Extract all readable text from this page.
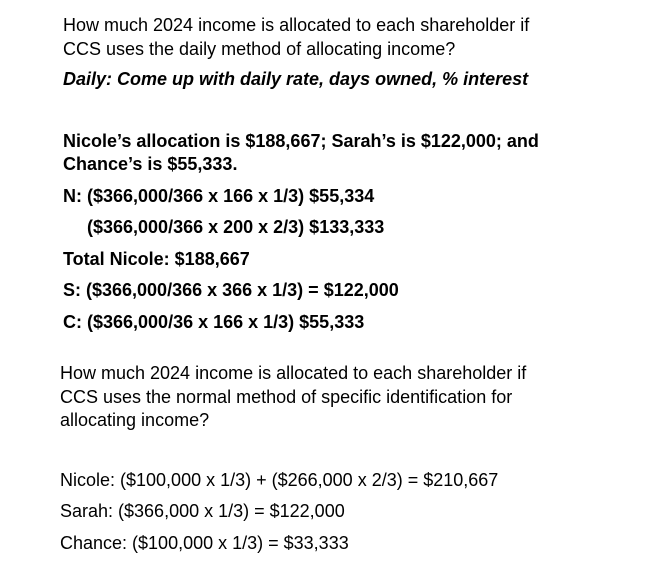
How much 2024 income is allocated to each shareholder if
CCS uses the daily method of allocating income?
Daily: Come up with daily rate, days owned, % interest
Nicole’s allocation is $188,667; Sarah’s is $122,000; and
Chance’s is $55,333.
N: ($366,000/366 x 166 x 1/3) $55,334
($366,000/366 x 200 x 2/3) $133,333
Total Nicole: $188,667
S: ($366,000/366 x 366 x 1/3) = $122,000
C: ($366,000/36 x 166 x 1/3) $55,333
How much 2024 income is allocated to each shareholder if
CCS uses the normal method of specific identification for
allocating income?
Nicole: ($100,000 x 1/3) + ($266,000 x 2/3) = $210,667
Sarah: ($366,000 x 1/3) = $122,000
Chance: ($100,000 x 1/3) = $33,333
